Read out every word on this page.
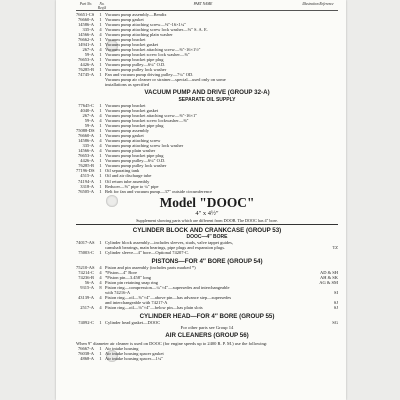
Part No.	No. Req'd
PART NAME	Illustration Reference
76651-CS	1 Vacuum pump assembly—Bendix
76660-A	1 Vacuum pump gasket
14586-A	1 Vacuum pump attaching screw—⅜″-16×1¼″
335-A	4 Vacuum pump attaching screw lock washer—⅜″ S. A. E.
14566-A	4 Vacuum pump attaching plain washer
76662-A	1 Vacuum pump bracket
14941-A	1 Vacuum pump bracket gasket
267-A	4 Vacuum pump bracket attaching screw—⅜″-16×1½″
59-A	1 Vacuum pump bracket screw lock washer—⅜″
76653-A	1 Vacuum pump bracket pipe plug
4426-A	1 Vacuum pump pulley—6¼″ O.D.
76285-B	1 Vacuum pump pulley lock washer
74745-A	1 Fan and vacuum pump driving pulley—7¼″ OD.
Vacuum pump air cleaner or strainer—special—used only on some
installations as specified
VACUUM PUMP AND DRIVE (GROUP 32-A)
SEPARATE OIL SUPPLY
77645-C	1 Vacuum pump bracket
4040-A	1 Vacuum pump bracket gasket
267-A	4 Vacuum pump bracket attaching screw—⅜″-16×1″
59-A	4 Vacuum pump bracket screw lockwasher—⅜″
59-A	1 Vacuum pump bracket pipe plug
75088-DS	1 Vacuum pump assembly
76660-A	1 Vacuum pump gasket
14586-A	4 Vacuum pump attaching screw
335-A	4 Vacuum pump attaching screw lock washer
14566-A	4 Vacuum pump plain washer
76653-A	1 Vacuum pump bracket pipe plug
4426-A	1 Vacuum pump pulley—6¼″ O.D.
76285-B	1 Vacuum pump pulley lock washer
77196-DS	1 Oil separating tank
4515-A	1 Oil and air discharge tube
74194-A	1 Oil return tube assembly
3318-A	1 Reducer—⅜″ pipe to ¼″ pipe
76505-A	1 Belt for fan and vacuum pump—37″ outside circumference
Model "DOOC"
4″ x 4½″
Supplement showing parts which are different from DOOB. The DOOC has 4″ bore.
CYLINDER BLOCK AND CRANKCASE (GROUP 53)
DOOC—4″ BORE
74017-AS	1 Cylinder block assembly—includes sleeves, studs, valve tappet guides,
camshaft bearings, main bearings, pipe plugs and expansion plugs.	TZ
75003-C	1 Cylinder sleeve—4″ bore—Optional 74207-C.
PISTONS—FOR 4″ BORE (GROUP 54)
75210-AS	4 Piston and pin assembly (includes parts marked *)
74214-C	4 *Piston—4″ Bore	AD & SH
74236-B	4 *Piston pin—3.458″ long	AH & SK
56-A	4 Piston pin retaining snap ring	AG & SM
9315-A	8 Piston ring—compression—¼″×4″—supersedes and interchangeable
with 74216-A	SI
43139-A	4 Piston ring—oil—⅝″×4″—above pin—has advance step—supersedes
and interchangeable with 74217-A	SJ
2517-A	4 Piston ring—oil—⅛″×4″—below pin—has plain slots	SJ
CYLINDER HEAD—FOR 4″ BORE (GROUP 55)
74092-C	1 Cylinder head gasket—DOOC	SG
For other parts see Group 14
AIR CLEANERS (GROUP 56)
When 9″ diameter air cleaner is used on DOOC (for engine speeds up to 2400 R. P. M.) use the following:
76667-A	1 Air intake housing
76038-A	1 Air intake housing spacer gasket
4868-A	1 Air intake housing spacer—1¼″
